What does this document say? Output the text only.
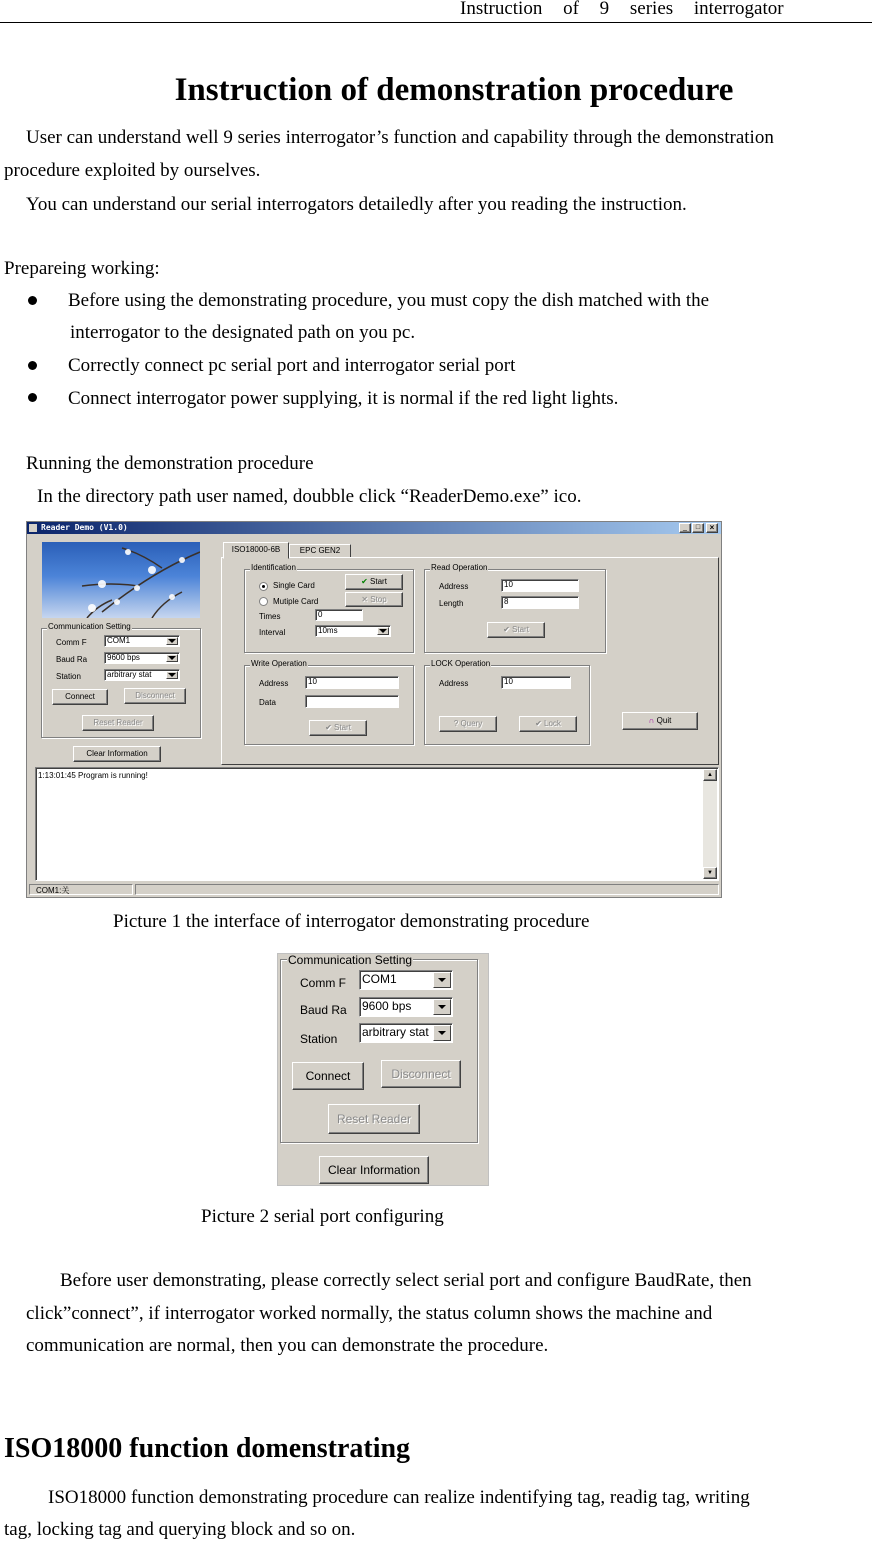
Instruction of 9 series interrogator
Instruction of demonstration procedure
User can understand well 9 series interrogator’s function and capability through the demonstration
procedure exploited by ourselves.
You can understand our serial interrogators detailedly after you reading the instruction.
Prepareing working:
Before using the demonstrating procedure, you must copy the dish matched with the
interrogator to the designated path on you pc.
Correctly connect pc serial port and interrogator serial port
Connect interrogator power supplying, it is normal if the red light lights.
Running the demonstration procedure
In the directory path user named, doubble click “ReaderDemo.exe” ico.
Reader Demo (V1.0)	_	□	×
Communication Setting
Comm F	COM1
Baud Ra	9600 bps
Station	arbitrary stat
Connect	Disconnect
Reset Reader
Clear Information
ISO18000-6B	EPC GEN2
Identification
Single Card
Mutiple Card
Times	0
Interval	10ms
✔ Start
✕ Stop
Read Operation
Address	10
Length	8
✔ Start
Write Operation
Address	10
Data
✔ Start
LOCK Operation
Address	10
? Query	✔ Lock	∩ Quit
1:13:01:45 Program is running!	▲
▼
COM1:关
Picture 1 the interface of interrogator demonstrating procedure
Communication Setting
Comm F COM1
Baud Ra 9600 bps
Station arbitrary stat
Connect	Disconnect
Reset Reader
Clear Information
Picture 2 serial port configuring
Before user demonstrating, please correctly select serial port and configure BaudRate, then
click”connect”, if interrogator worked normally, the status column shows the machine and
communication are normal, then you can demonstrate the procedure.
ISO18000 function domenstrating
ISO18000 function demonstrating procedure can realize indentifying tag, readig tag, writing
tag, locking tag and querying block and so on.
